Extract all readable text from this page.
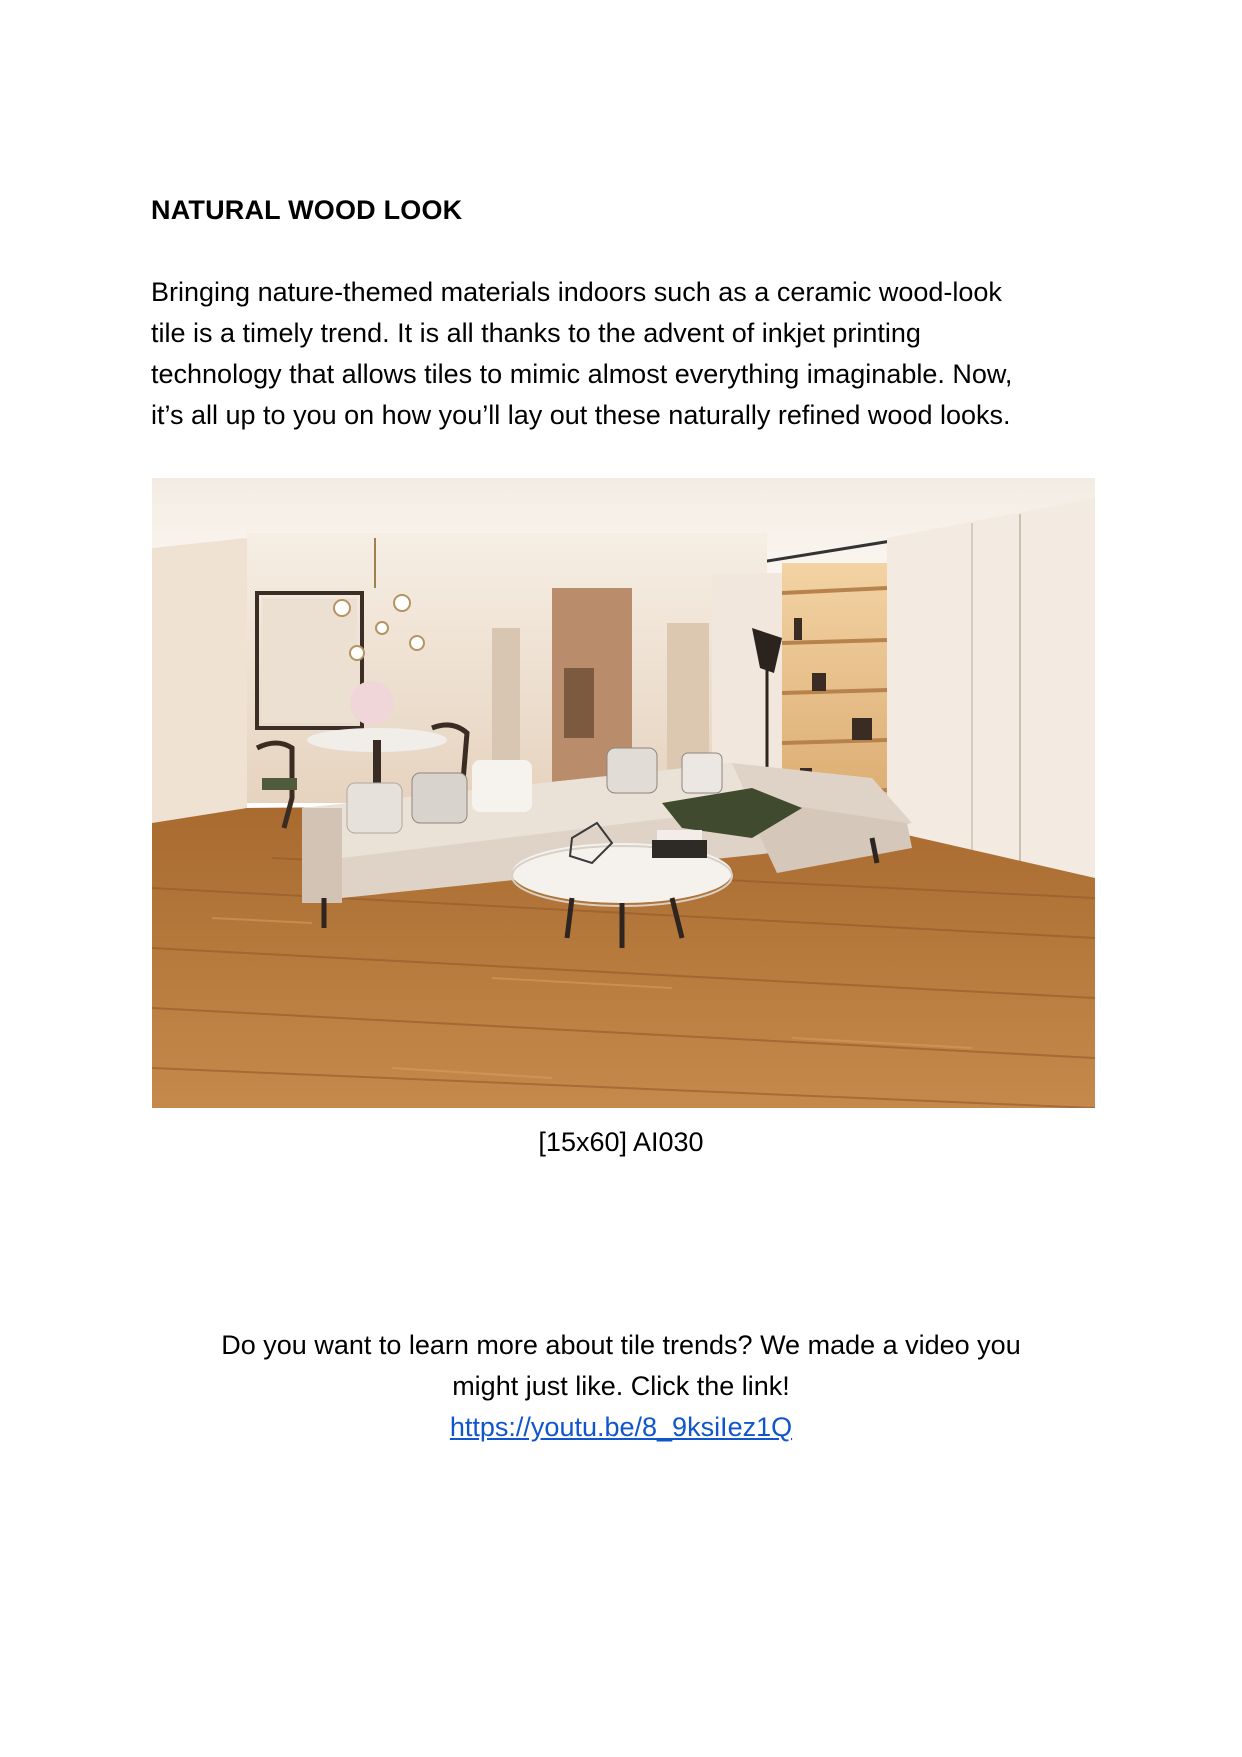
NATURAL WOOD LOOK
Bringing nature-themed materials indoors such as a ceramic wood-look
tile is a timely trend. It is all thanks to the advent of inkjet printing
technology that allows tiles to mimic almost everything imaginable. Now,
it’s all up to you on how you’ll lay out these naturally refined wood looks.
[15x60] AI030
Do you want to learn more about tile trends? We made a video you
might just like. Click the link!
https://youtu.be/8_9ksiIez1Q
